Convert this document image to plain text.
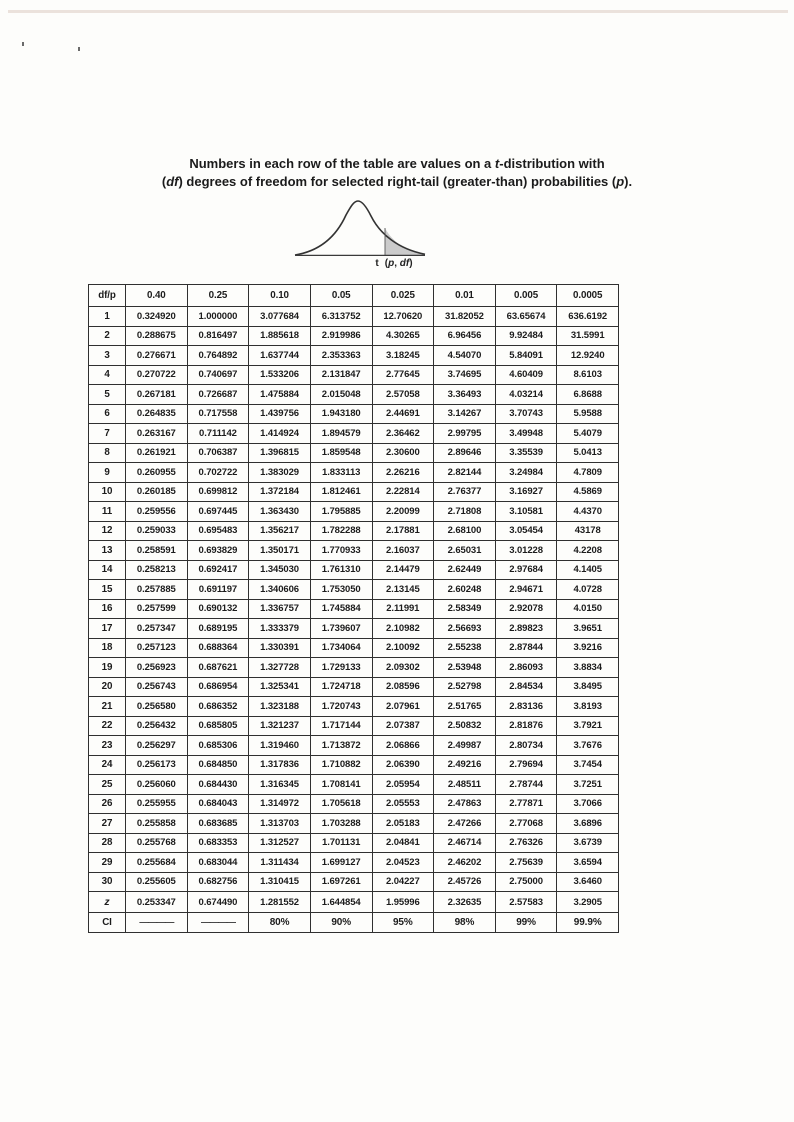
Numbers in each row of the table are values on a t-distribution with
(df) degrees of freedom for selected right-tail (greater-than) probabilities (p).
t (p, df)
df/p	0.40	0.25	0.10	0.05	0.025	0.01	0.005	0.0005
1	0.324920	1.000000	3.077684	6.313752	12.70620	31.82052	63.65674	636.6192
2	0.288675	0.816497	1.885618	2.919986	4.30265	6.96456	9.92484	31.5991
3	0.276671	0.764892	1.637744	2.353363	3.18245	4.54070	5.84091	12.9240
4	0.270722	0.740697	1.533206	2.131847	2.77645	3.74695	4.60409	8.6103
5	0.267181	0.726687	1.475884	2.015048	2.57058	3.36493	4.03214	6.8688
6	0.264835	0.717558	1.439756	1.943180	2.44691	3.14267	3.70743	5.9588
7	0.263167	0.711142	1.414924	1.894579	2.36462	2.99795	3.49948	5.4079
8	0.261921	0.706387	1.396815	1.859548	2.30600	2.89646	3.35539	5.0413
9	0.260955	0.702722	1.383029	1.833113	2.26216	2.82144	3.24984	4.7809
10	0.260185	0.699812	1.372184	1.812461	2.22814	2.76377	3.16927	4.5869
11	0.259556	0.697445	1.363430	1.795885	2.20099	2.71808	3.10581	4.4370
12	0.259033	0.695483	1.356217	1.782288	2.17881	2.68100	3.05454	43178
13	0.258591	0.693829	1.350171	1.770933	2.16037	2.65031	3.01228	4.2208
14	0.258213	0.692417	1.345030	1.761310	2.14479	2.62449	2.97684	4.1405
15	0.257885	0.691197	1.340606	1.753050	2.13145	2.60248	2.94671	4.0728
16	0.257599	0.690132	1.336757	1.745884	2.11991	2.58349	2.92078	4.0150
17	0.257347	0.689195	1.333379	1.739607	2.10982	2.56693	2.89823	3.9651
18	0.257123	0.688364	1.330391	1.734064	2.10092	2.55238	2.87844	3.9216
19	0.256923	0.687621	1.327728	1.729133	2.09302	2.53948	2.86093	3.8834
20	0.256743	0.686954	1.325341	1.724718	2.08596	2.52798	2.84534	3.8495
21	0.256580	0.686352	1.323188	1.720743	2.07961	2.51765	2.83136	3.8193
22	0.256432	0.685805	1.321237	1.717144	2.07387	2.50832	2.81876	3.7921
23	0.256297	0.685306	1.319460	1.713872	2.06866	2.49987	2.80734	3.7676
24	0.256173	0.684850	1.317836	1.710882	2.06390	2.49216	2.79694	3.7454
25	0.256060	0.684430	1.316345	1.708141	2.05954	2.48511	2.78744	3.7251
26	0.255955	0.684043	1.314972	1.705618	2.05553	2.47863	2.77871	3.7066
27	0.255858	0.683685	1.313703	1.703288	2.05183	2.47266	2.77068	3.6896
28	0.255768	0.683353	1.312527	1.701131	2.04841	2.46714	2.76326	3.6739
29	0.255684	0.683044	1.311434	1.699127	2.04523	2.46202	2.75639	3.6594
30	0.255605	0.682756	1.310415	1.697261	2.04227	2.45726	2.75000	3.6460
z	0.253347	0.674490	1.281552	1.644854	1.95996	2.32635	2.57583	3.2905
CI	————	————	80%	90%	95%	98%	99%	99.9%
